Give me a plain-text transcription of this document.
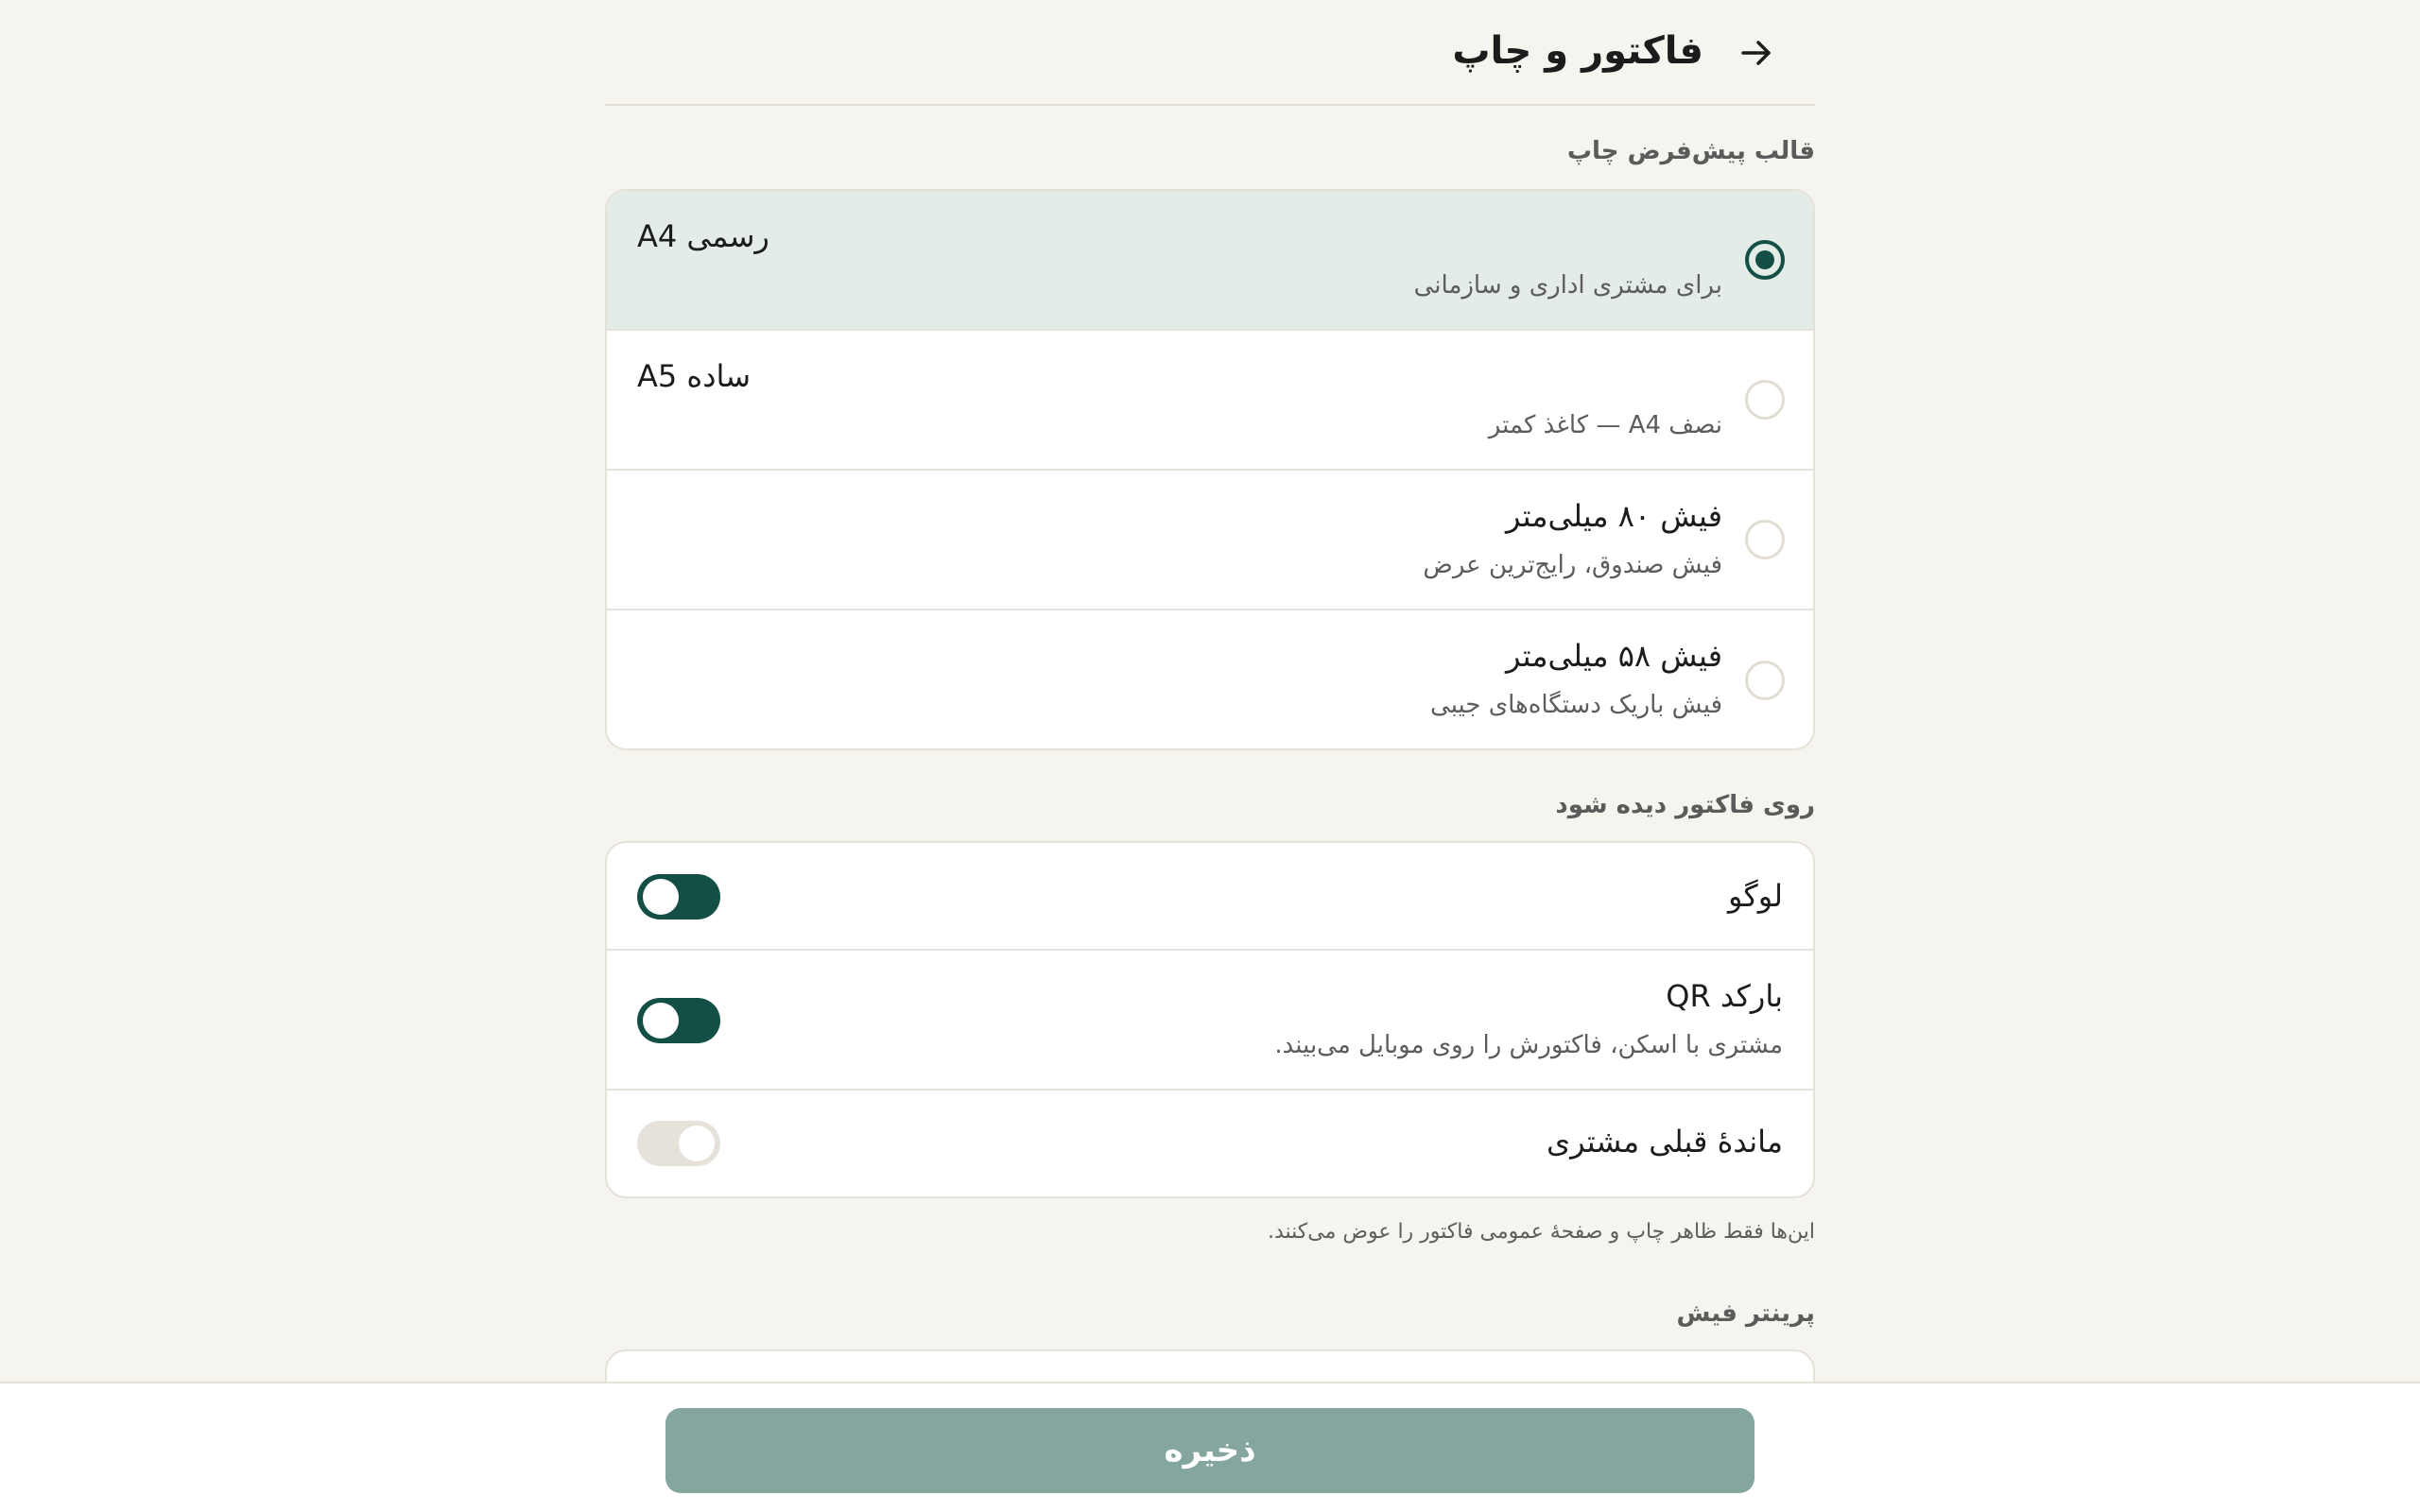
فاکتور و چاپ
قالب پیش‌فرض چاپ
رسمی A4
برای مشتری اداری و سازمانی
ساده A5
نصف A4 — کاغذ کمتر
فیش ۸۰ میلی‌متر
فیش صندوق، رایج‌ترین عرض
فیش ۵۸ میلی‌متر
فیش باریک دستگاه‌های جیبی
روی فاکتور دیده شود
لوگو
بارکد QR
مشتری با اسکن، فاکتورش را روی موبایل می‌بیند.
ماندهٔ قبلی مشتری
این‌ها فقط ظاهر چاپ و صفحهٔ عمومی فاکتور را عوض می‌کنند.
پرینتر فیش
ذخیره
